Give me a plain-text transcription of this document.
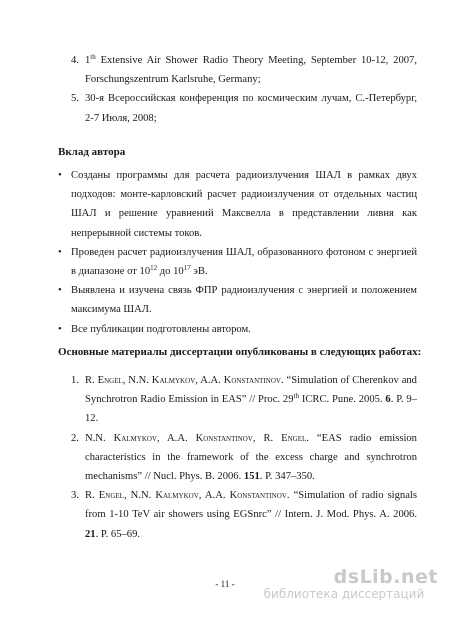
4. 1th Extensive Air Shower Radio Theory Meeting, September 10-12, 2007, Forschungszentrum Karlsruhe, Germany;
5. 30-я Всероссийская конференция по космическим лучам, С.-Петербург, 2-7 Июля, 2008;
Вклад автора
• Созданы программы для расчета радиоизлучения ШАЛ в рамках двух подходов: монте-карловский расчет радиоизлучения от отдельных частиц ШАЛ и решение уравнений Максвелла в представлении ливня как непрерывной системы токов.
• Проведен расчет радиоизлучения ШАЛ, образованного фотоном с энергией в диапазоне от $10^{12}$ до $10^{17}$ эВ.
• Выявлена и изучена связь ФПР радиоизлучения с энергией и положением максимума ШАЛ.
• Все публикации подготовлены автором.
Основные материалы диссертации опубликованы в следующих работах:
1. R. Engel, N.N. Kalmykov, A.A. Konstantinov. “Simulation of Cherenkov and Synchrotron Radio Emission in EAS” // Proc. 29th ICRC. Pune. 2005. 6. P. 9–12.
2. N.N. Kalmykov, A.A. Konstantinov, R. Engel. “EAS radio emission characteristics in the framework of the excess charge and synchrotron mechanisms” // Nucl. Phys. B. 2006. 151. P. 347–350.
3. R. Engel, N.N. Kalmykov, A.A. Konstantinov. “Simulation of radio signals from 1-10 TeV air showers using EGSnrc” // Intern. J. Mod. Phys. A. 2006. 21. P. 65–69.
- 11 -	dsLib.net
библиотека диссертаций
